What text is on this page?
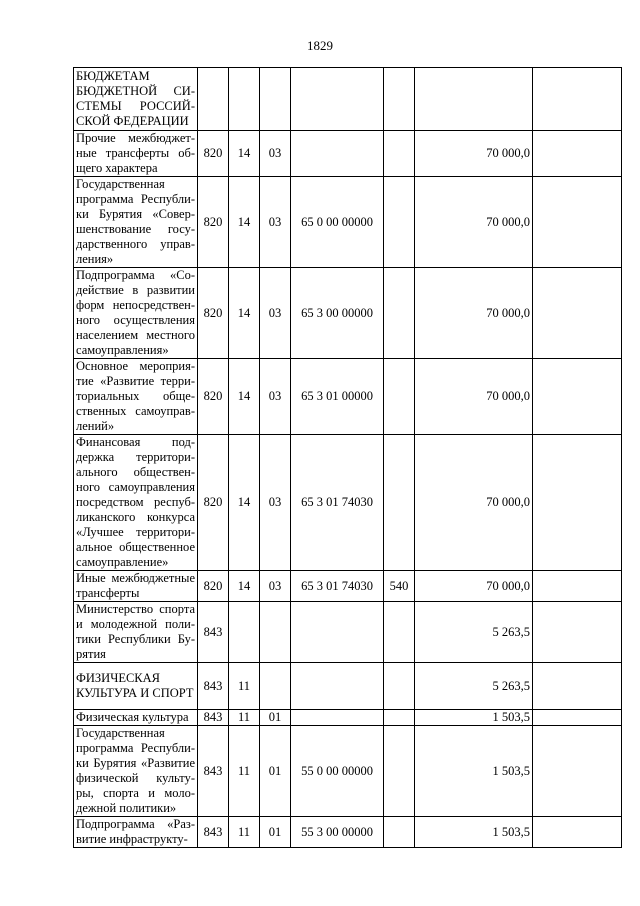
1829
БЮДЖЕТАМ БЮДЖЕТНОЙ СИ-СТЕМЫ РОССИЙ-СКОЙ ФЕДЕРАЦИИ							
Прочие межбюджет-ные трансферты об-щего характера	820	14	03			70 000,0	
Государственная программа Республи-ки Бурятия «Совер-шенствование госу-дарственного управ-ления»	820	14	03	65 0 00 00000		70 000,0	
Подпрограмма «Со-действие в развитии форм непосредствен-ного осуществления населением местного самоуправления»	820	14	03	65 3 00 00000		70 000,0	
Основное мероприя-тие «Развитие терри-ториальных обще-ственных самоуправ-лений»	820	14	03	65 3 01 00000		70 000,0	
Финансовая под-держка территори-ального обществен-ного самоуправления посредством респуб-ликанского конкурса «Лучшее территори-альное общественное самоуправление»	820	14	03	65 3 01 74030		70 000,0	
Иные межбюджетные трансферты	820	14	03	65 3 01 74030	540	70 000,0	
Министерство спорта и молодежной поли-тики Республики Бу-рятия	843					5 263,5	
ФИЗИЧЕСКАЯ КУЛЬТУРА И СПОРТ	843	11				5 263,5	
Физическая культура	843	11	01			1 503,5	
Государственная программа Республи-ки Бурятия «Развитие физической культу-ры, спорта и моло-дежной политики»	843	11	01	55 0 00 00000		1 503,5	
Подпрограмма «Раз-витие инфраструкту-	843	11	01	55 3 00 00000		1 503,5	
